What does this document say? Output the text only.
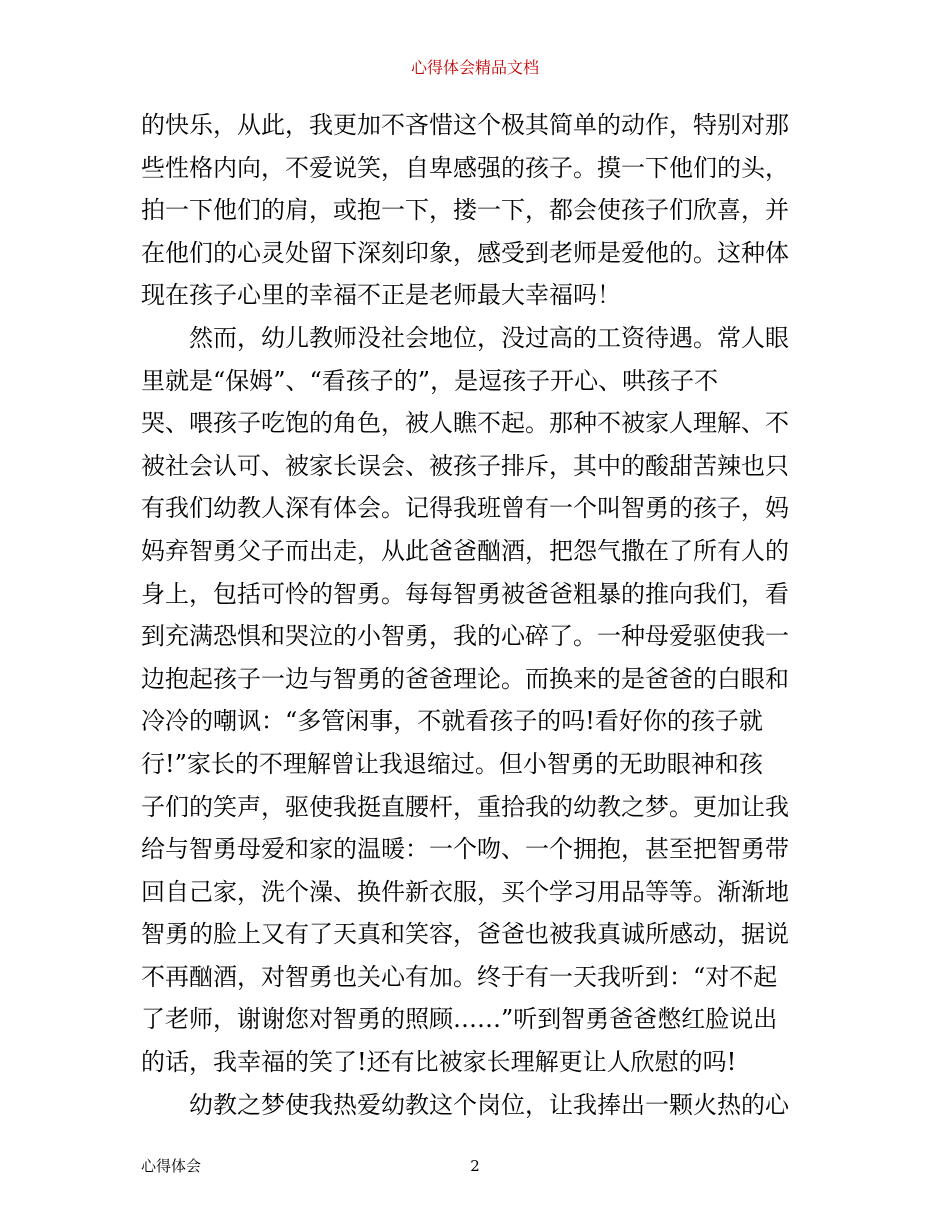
心得体会精品文档

的快乐，从此，我更加不吝惜这个极其简单的动作，特别对那
些性格内向，不爱说笑，自卑感强的孩子。摸一下他们的头，
拍一下他们的肩，或抱一下，搂一下，都会使孩子们欣喜，并
在他们的心灵处留下深刻印象，感受到老师是爱他的。这种体
现在孩子心里的幸福不正是老师最大幸福吗！

然而，幼儿教师没社会地位，没过高的工资待遇。常人眼
里就是“保姆”、“看孩子的”，是逗孩子开心、哄孩子不
哭、喂孩子吃饱的角色，被人瞧不起。那种不被家人理解、不
被社会认可、被家长误会、被孩子排斥，其中的酸甜苦辣也只
有我们幼教人深有体会。记得我班曾有一个叫智勇的孩子，妈
妈弃智勇父子而出走，从此爸爸酗酒，把怨气撒在了所有人的
身上，包括可怜的智勇。每每智勇被爸爸粗暴的推向我们，看
到充满恐惧和哭泣的小智勇，我的心碎了。一种母爱驱使我一
边抱起孩子一边与智勇的爸爸理论。而换来的是爸爸的白眼和
冷冷的嘲讽：“多管闲事，不就看孩子的吗!看好你的孩子就
行!”家长的不理解曾让我退缩过。但小智勇的无助眼神和孩
子们的笑声，驱使我挺直腰杆，重拾我的幼教之梦。更加让我
给与智勇母爱和家的温暖：一个吻、一个拥抱，甚至把智勇带
回自己家，洗个澡、换件新衣服，买个学习用品等等。渐渐地
智勇的脸上又有了天真和笑容，爸爸也被我真诚所感动，据说
不再酗酒，对智勇也关心有加。终于有一天我听到：“对不起
了老师，谢谢您对智勇的照顾……”听到智勇爸爸憋红脸说出
的话，我幸福的笑了!还有比被家长理解更让人欣慰的吗!

幼教之梦使我热爱幼教这个岗位，让我捧出一颗火热的心

心得体会	2
